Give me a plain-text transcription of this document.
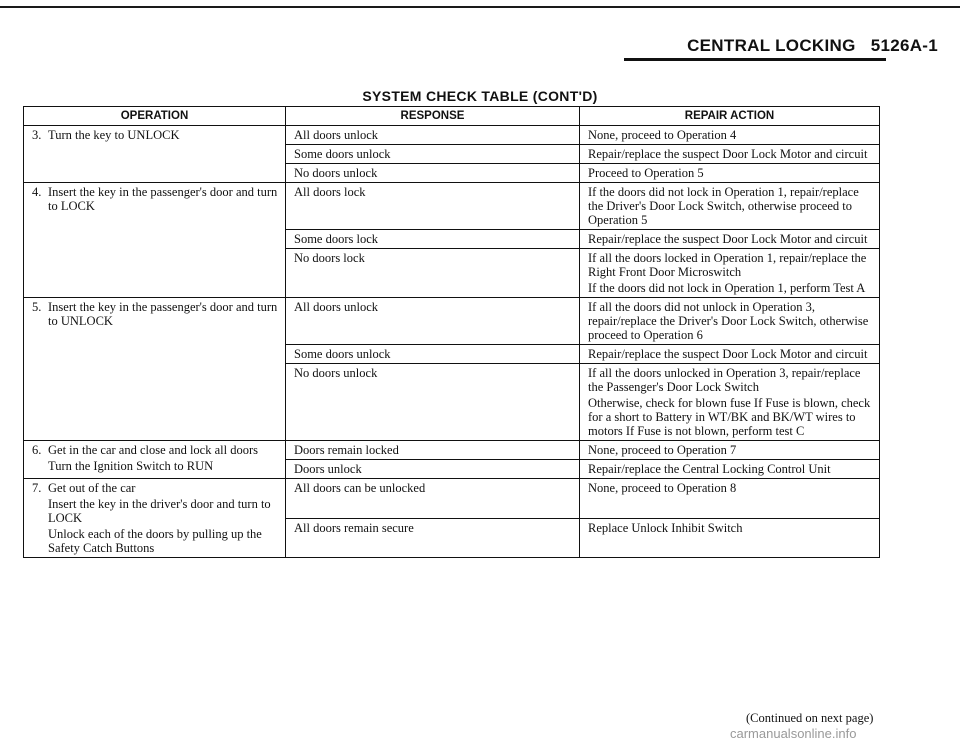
CENTRAL LOCKING 5126A-1
SYSTEM CHECK TABLE (CONT'D)
OPERATION	RESPONSE	REPAIR ACTION

3. Turn the key to UNLOCK	All doors unlock	None, proceed to Operation 4

	Some doors unlock	Repair/replace the suspect Door Lock Motor and circuit

	No doors unlock	Proceed to Operation 5

4. Insert the key in the passenger's door and turn to LOCK	All doors lock	If the doors did not lock in Operation 1, repair/replace the Driver's Door Lock Switch, otherwise proceed to Operation 5

	Some doors lock	Repair/replace the suspect Door Lock Motor and circuit

	No doors lock	If all the doors locked in Operation 1, repair/replace the Right Front Door Microswitch
If the doors did not lock in Operation 1, perform Test A

5. Insert the key in the passenger's door and turn to UNLOCK	All doors unlock	If all the doors did not unlock in Operation 3, repair/replace the Driver's Door Lock Switch, otherwise proceed to Operation 6

	Some doors unlock	Repair/replace the suspect Door Lock Motor and circuit

	No doors unlock	If all the doors unlocked in Operation 3, repair/replace the Passenger's Door Lock Switch
Otherwise, check for blown fuse If Fuse is blown, check for a short to Battery in WT/BK and BK/WT wires to motors If Fuse is not blown, perform test C

6. Get in the car and close and lock all doors
Turn the Ignition Switch to RUN	Doors remain locked	None, proceed to Operation 7

	Doors unlock	Repair/replace the Central Locking Control Unit

7. Get out of the car
Insert the key in the driver's door and turn to LOCK
Unlock each of the doors by pulling up the Safety Catch Buttons	All doors can be unlocked	None, proceed to Operation 8

	All doors remain secure	Replace Unlock Inhibit Switch
(Continued on next page)
carmanualsonline.info
